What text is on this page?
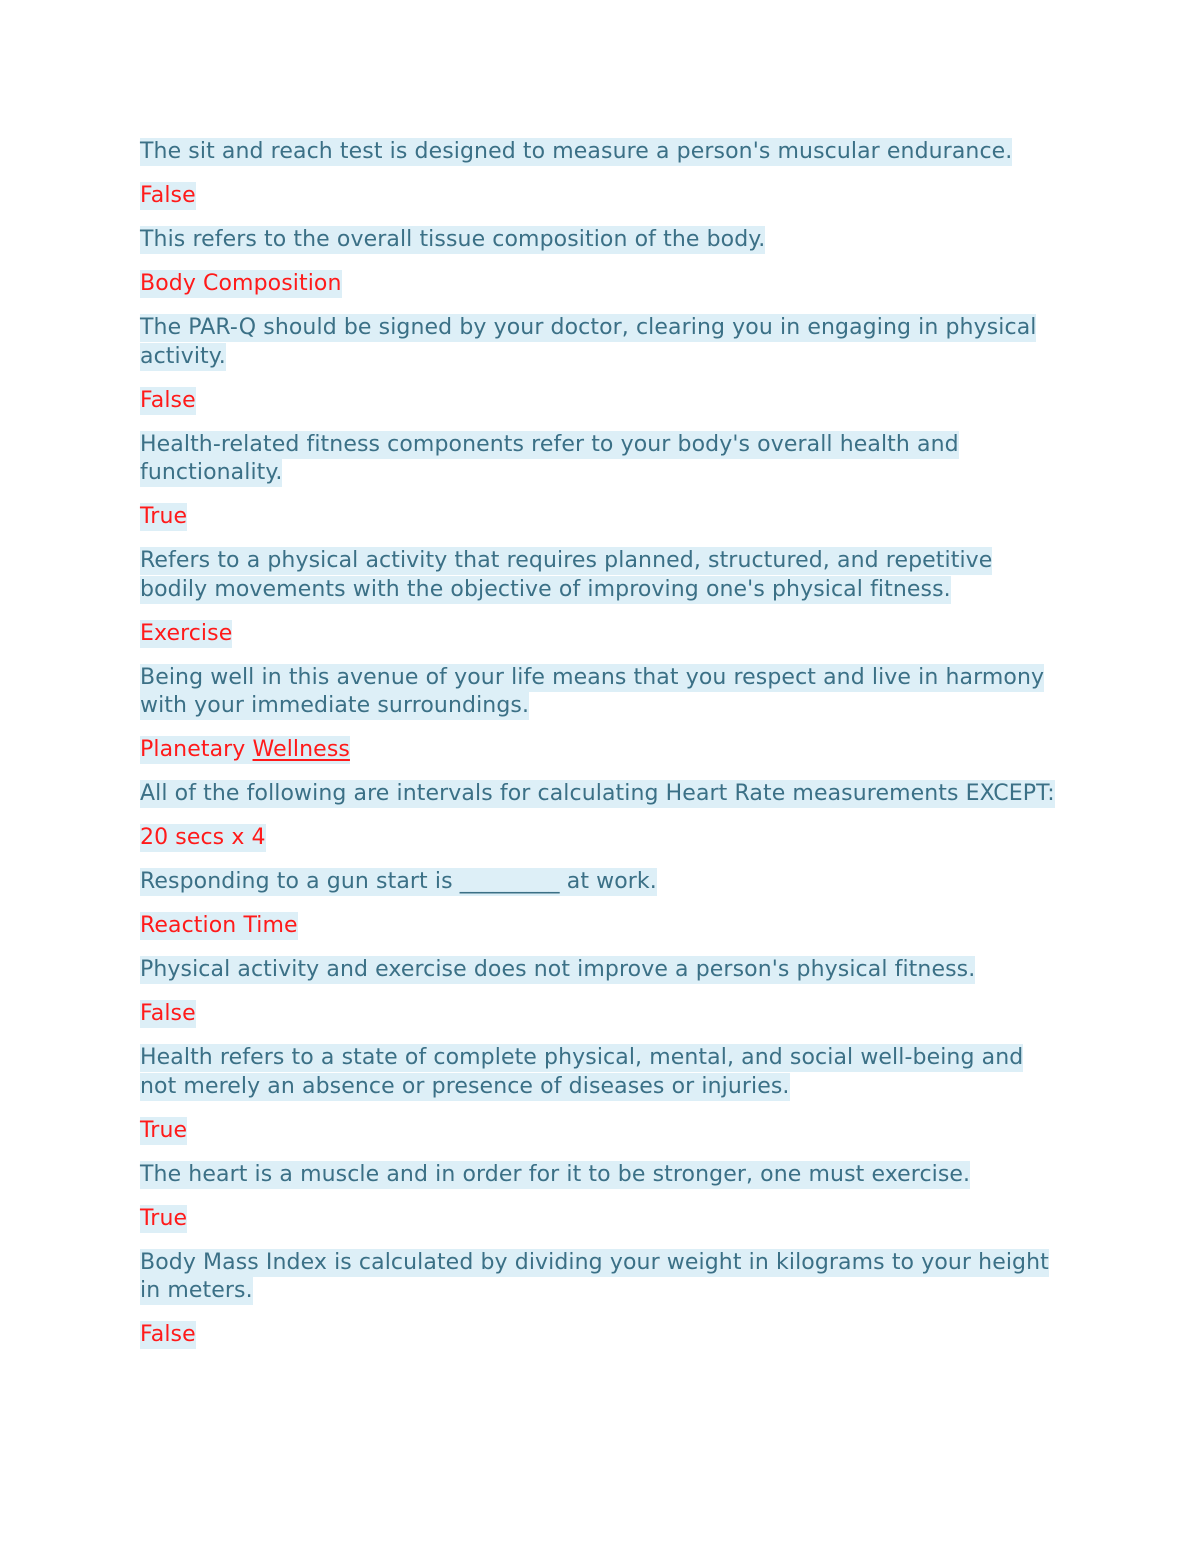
The sit and reach test is designed to measure a person's muscular endurance.

False

This refers to the overall tissue composition of the body.

Body Composition

The PAR-Q should be signed by your doctor, clearing you in engaging in physical activity.

False

Health-related fitness components refer to your body's overall health and functionality.

True

Refers to a physical activity that requires planned, structured, and repetitive bodily movements with the objective of improving one's physical fitness.

Exercise

Being well in this avenue of your life means that you respect and live in harmony with your immediate surroundings.

Planetary Wellness

All of the following are intervals for calculating Heart Rate measurements EXCEPT:

20 secs x 4

Responding to a gun start is _________ at work.

Reaction Time

Physical activity and exercise does not improve a person's physical fitness.

False

Health refers to a state of complete physical, mental, and social well-being and not merely an absence or presence of diseases or injuries.

True

The heart is a muscle and in order for it to be stronger, one must exercise.

True

Body Mass Index is calculated by dividing your weight in kilograms to your height in meters.

False
